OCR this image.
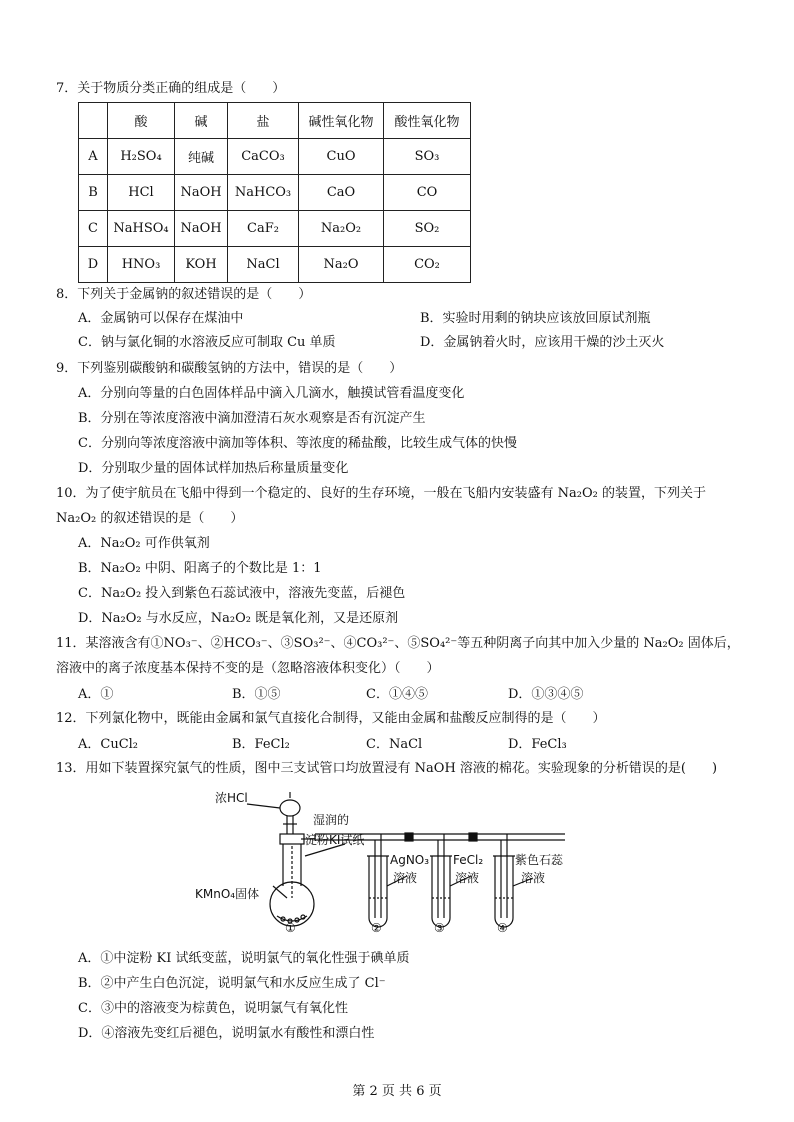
7．关于物质分类正确的组成是（　　）
	酸	碱	盐	碱性氧化物	酸性氧化物
A	H₂SO₄	纯碱	CaCO₃	CuO	SO₃
B	HCl	NaOH	NaHCO₃	CaO	CO
C	NaHSO₄	NaOH	CaF₂	Na₂O₂	SO₂
D	HNO₃	KOH	NaCl	Na₂O	CO₂
8．下列关于金属钠的叙述错误的是（　　）
A．金属钠可以保存在煤油中	B．实验时用剩的钠块应该放回原试剂瓶
C．钠与氯化铜的水溶液反应可制取 Cu 单质	D．金属钠着火时，应该用干燥的沙土灭火
9．下列鉴别碳酸钠和碳酸氢钠的方法中，错误的是（　　）
A．分别向等量的白色固体样品中滴入几滴水，触摸试管看温度变化
B．分别在等浓度溶液中滴加澄清石灰水观察是否有沉淀产生
C．分别向等浓度溶液中滴加等体积、等浓度的稀盐酸，比较生成气体的快慢
D．分别取少量的固体试样加热后称量质量变化
10．为了使宇航员在飞船中得到一个稳定的、良好的生存环境，一般在飞船内安装盛有 Na₂O₂ 的装置，下列关于
Na₂O₂ 的叙述错误的是（　　）
A．Na₂O₂ 可作供氧剂
B．Na₂O₂ 中阴、阳离子的个数比是 1：1
C．Na₂O₂ 投入到紫色石蕊试液中，溶液先变蓝，后褪色
D．Na₂O₂ 与水反应，Na₂O₂ 既是氧化剂，又是还原剂
11．某溶液含有①NO₃⁻、②HCO₃⁻、③SO₃²⁻、④CO₃²⁻、⑤SO₄²⁻等五种阴离子向其中加入少量的 Na₂O₂ 固体后，
溶液中的离子浓度基本保持不变的是（忽略溶液体积变化）（　　）
A．①	B．①⑤	C．①④⑤	D．①③④⑤
12．下列氯化物中，既能由金属和氯气直接化合制得，又能由金属和盐酸反应制得的是（　　）
A．CuCl₂	B．FeCl₂	C．NaCl	D．FeCl₃
13．用如下装置探究氯气的性质，图中三支试管口均放置浸有 NaOH 溶液的棉花。实验现象的分析错误的是(　　)
浓HCl
湿润的
淀粉KI试纸
KMnO₄固体
AgNO₃
溶液
FeCl₂
溶液
紫色石蕊
溶液
①	②	③	④
A．①中淀粉 KI 试纸变蓝，说明氯气的氧化性强于碘单质
B．②中产生白色沉淀，说明氯气和水反应生成了 Cl⁻
C．③中的溶液变为棕黄色，说明氯气有氧化性
D．④溶液先变红后褪色，说明氯水有酸性和漂白性
第 2 页 共 6 页
